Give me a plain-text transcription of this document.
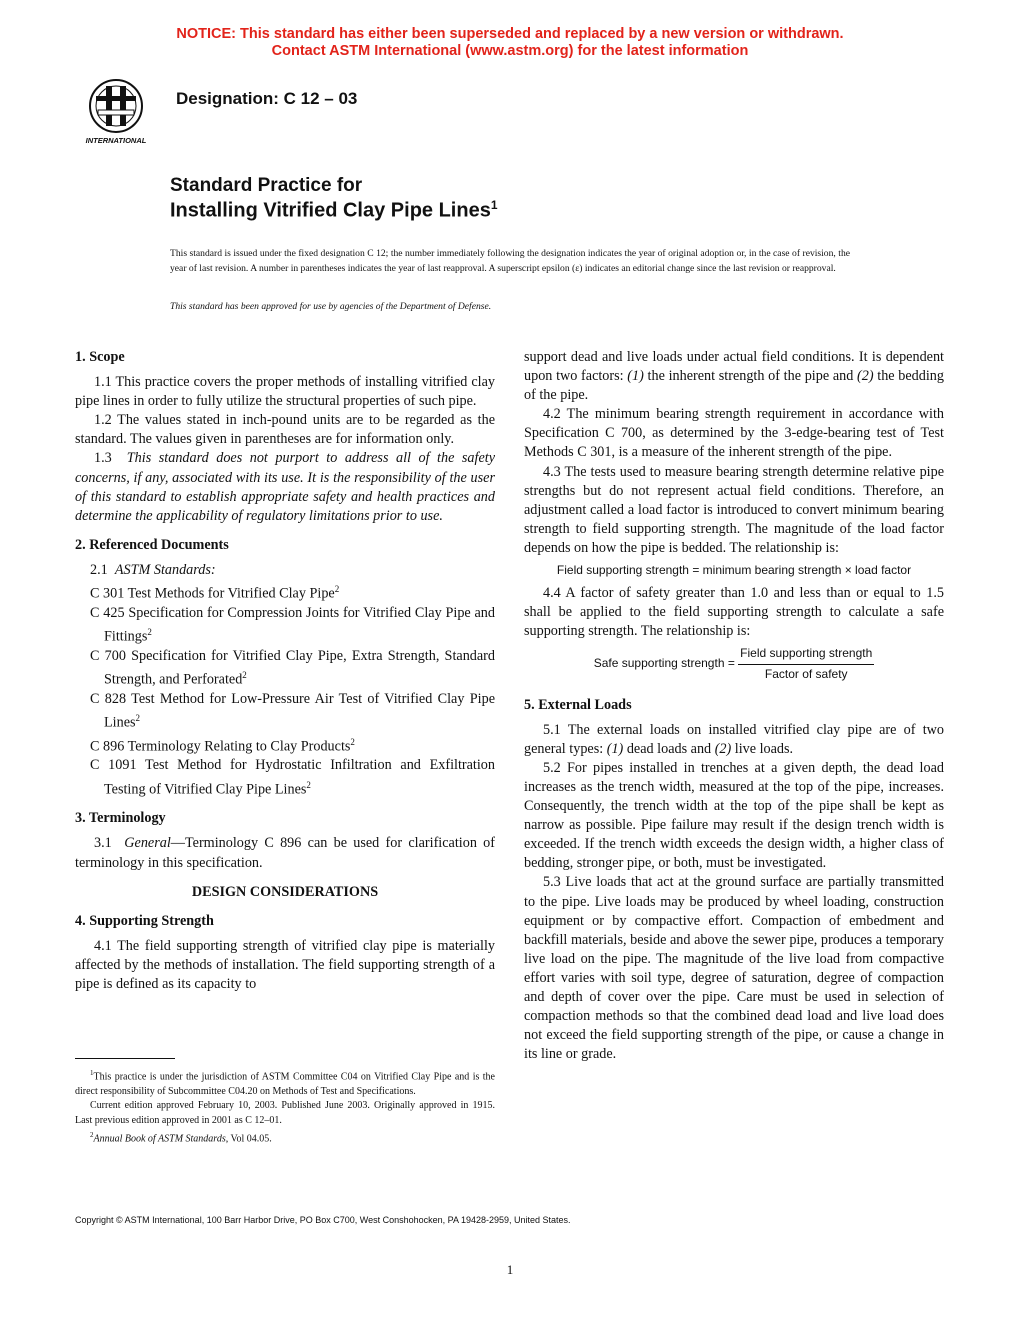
NOTICE: This standard has either been superseded and replaced by a new version or withdrawn.
Contact ASTM International (www.astm.org) for the latest information
INTERNATIONAL
Designation: C 12 – 03
Standard Practice for
Installing Vitrified Clay Pipe Lines$^1$
This standard is issued under the fixed designation C 12; the number immediately following the designation indicates the year of original adoption or, in the case of revision, the year of last revision. A number in parentheses indicates the year of last reapproval. A superscript epsilon (ε) indicates an editorial change since the last revision or reapproval.
This standard has been approved for use by agencies of the Department of Defense.

1. Scope

1.1 This practice covers the proper methods of installing vitrified clay pipe lines in order to fully utilize the structural properties of such pipe.

1.2 The values stated in inch-pound units are to be regarded as the standard. The values given in parentheses are for information only.

1.3 This standard does not purport to address all of the safety concerns, if any, associated with its use. It is the responsibility of the user of this standard to establish appropriate safety and health practices and determine the applicability of regulatory limitations prior to use.

2. Referenced Documents

2.1 ASTM Standards:

C 301 Test Methods for Vitrified Clay Pipe$^2$

C 425 Specification for Compression Joints for Vitrified Clay Pipe and Fittings$^2$

C 700 Specification for Vitrified Clay Pipe, Extra Strength, Standard Strength, and Perforated$^2$

C 828 Test Method for Low-Pressure Air Test of Vitrified Clay Pipe Lines$^2$

C 896 Terminology Relating to Clay Products$^2$

C 1091 Test Method for Hydrostatic Infiltration and Exfiltration Testing of Vitrified Clay Pipe Lines$^2$

3. Terminology

3.1 General—Terminology C 896 can be used for clarification of terminology in this specification.

DESIGN CONSIDERATIONS

4. Supporting Strength

4.1 The field supporting strength of vitrified clay pipe is materially affected by the methods of installation. The field supporting strength of a pipe is defined as its capacity to

support dead and live loads under actual field conditions. It is dependent upon two factors: (1) the inherent strength of the pipe and (2) the bedding of the pipe.

4.2 The minimum bearing strength requirement in accordance with Specification C 700, as determined by the 3-edge-bearing test of Test Methods C 301, is a measure of the inherent strength of the pipe.

4.3 The tests used to measure bearing strength determine relative pipe strengths but do not represent actual field conditions. Therefore, an adjustment called a load factor is introduced to convert minimum bearing strength to field supporting strength. The magnitude of the load factor depends on how the pipe is bedded. The relationship is:

Field supporting strength = minimum bearing strength × load factor

4.4 A factor of safety greater than 1.0 and less than or equal to 1.5 shall be applied to the field supporting strength to calculate a safe supporting strength. The relationship is:

Safe supporting strength = $\frac{\text{Field supporting strength}}{\text{Factor of safety}}$

5. External Loads

5.1 The external loads on installed vitrified clay pipe are of two general types: (1) dead loads and (2) live loads.

5.2 For pipes installed in trenches at a given depth, the dead load increases as the trench width, measured at the top of the pipe, increases. Consequently, the trench width at the top of the pipe shall be kept as narrow as possible. Pipe failure may result if the design trench width is exceeded. If the trench width exceeds the design width, a higher class of bedding, stronger pipe, or both, must be investigated.

5.3 Live loads that act at the ground surface are partially transmitted to the pipe. Live loads may be produced by wheel loading, construction equipment or by compactive effort. Compaction of embedment and backfill materials, beside and above the sewer pipe, produces a temporary live load on the pipe. The magnitude of the live load from compactive effort varies with soil type, degree of saturation, degree of compaction and depth of cover over the pipe. Care must be used in selection of compaction methods so that the combined dead load and live load does not exceed the field supporting strength of the pipe, or cause a change in its line or grade.

$^1$This practice is under the jurisdiction of ASTM Committee C04 on Vitrified Clay Pipe and is the direct responsibility of Subcommittee C04.20 on Methods of Test and Specifications.

Current edition approved February 10, 2003. Published June 2003. Originally approved in 1915. Last previous edition approved in 2001 as C 12–01.

$^2$Annual Book of ASTM Standards, Vol 04.05.

Copyright © ASTM International, 100 Barr Harbor Drive, PO Box C700, West Conshohocken, PA 19428-2959, United States.
1
